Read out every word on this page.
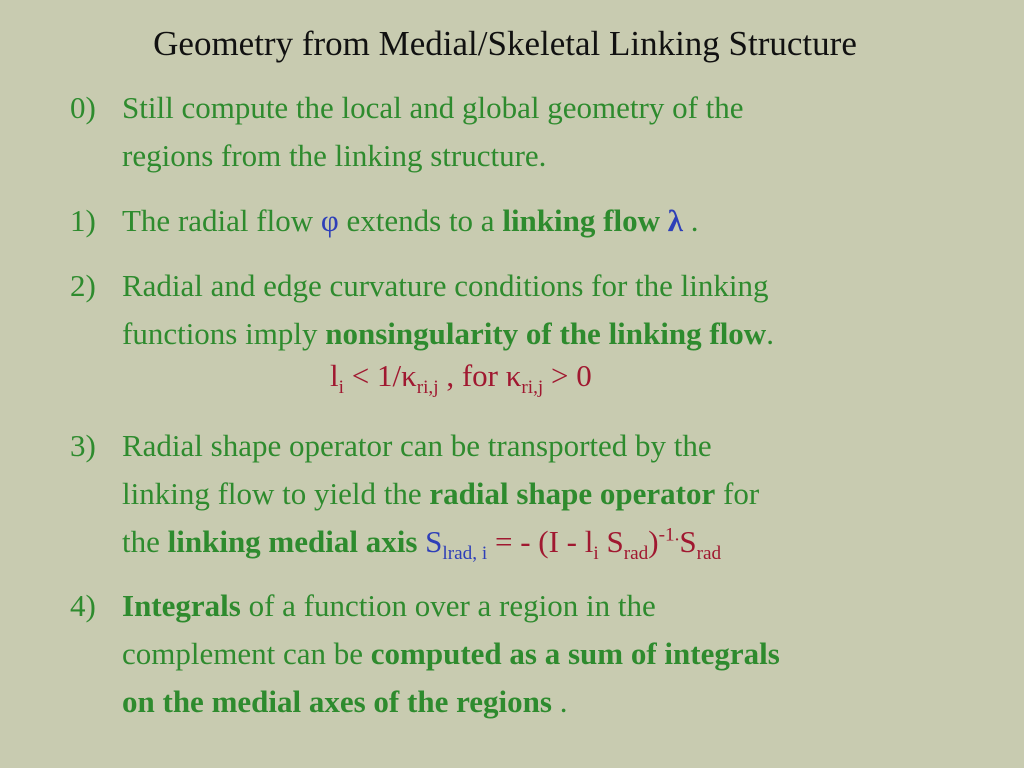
Geometry from Medial/Skeletal Linking Structure
0) Still compute the local and global geometry of the
regions from the linking structure.
1) The radial flow φ extends to a linking flow λ .
2) Radial and edge curvature conditions for the linking
functions imply nonsingularity of the linking flow.
$l_i < 1/\kappa_{ri,j}$ , for $\kappa_{ri,j} > 0$
3) Radial shape operator can be transported by the
linking flow to yield the radial shape operator for
the linking medial axis $S_{lrad, i}$ = - ($I - l_i$ $S_{rad})^{-1.}S_{rad}$
4) Integrals of a function over a region in the
complement can be computed as a sum of integrals
on the medial axes of the regions .
